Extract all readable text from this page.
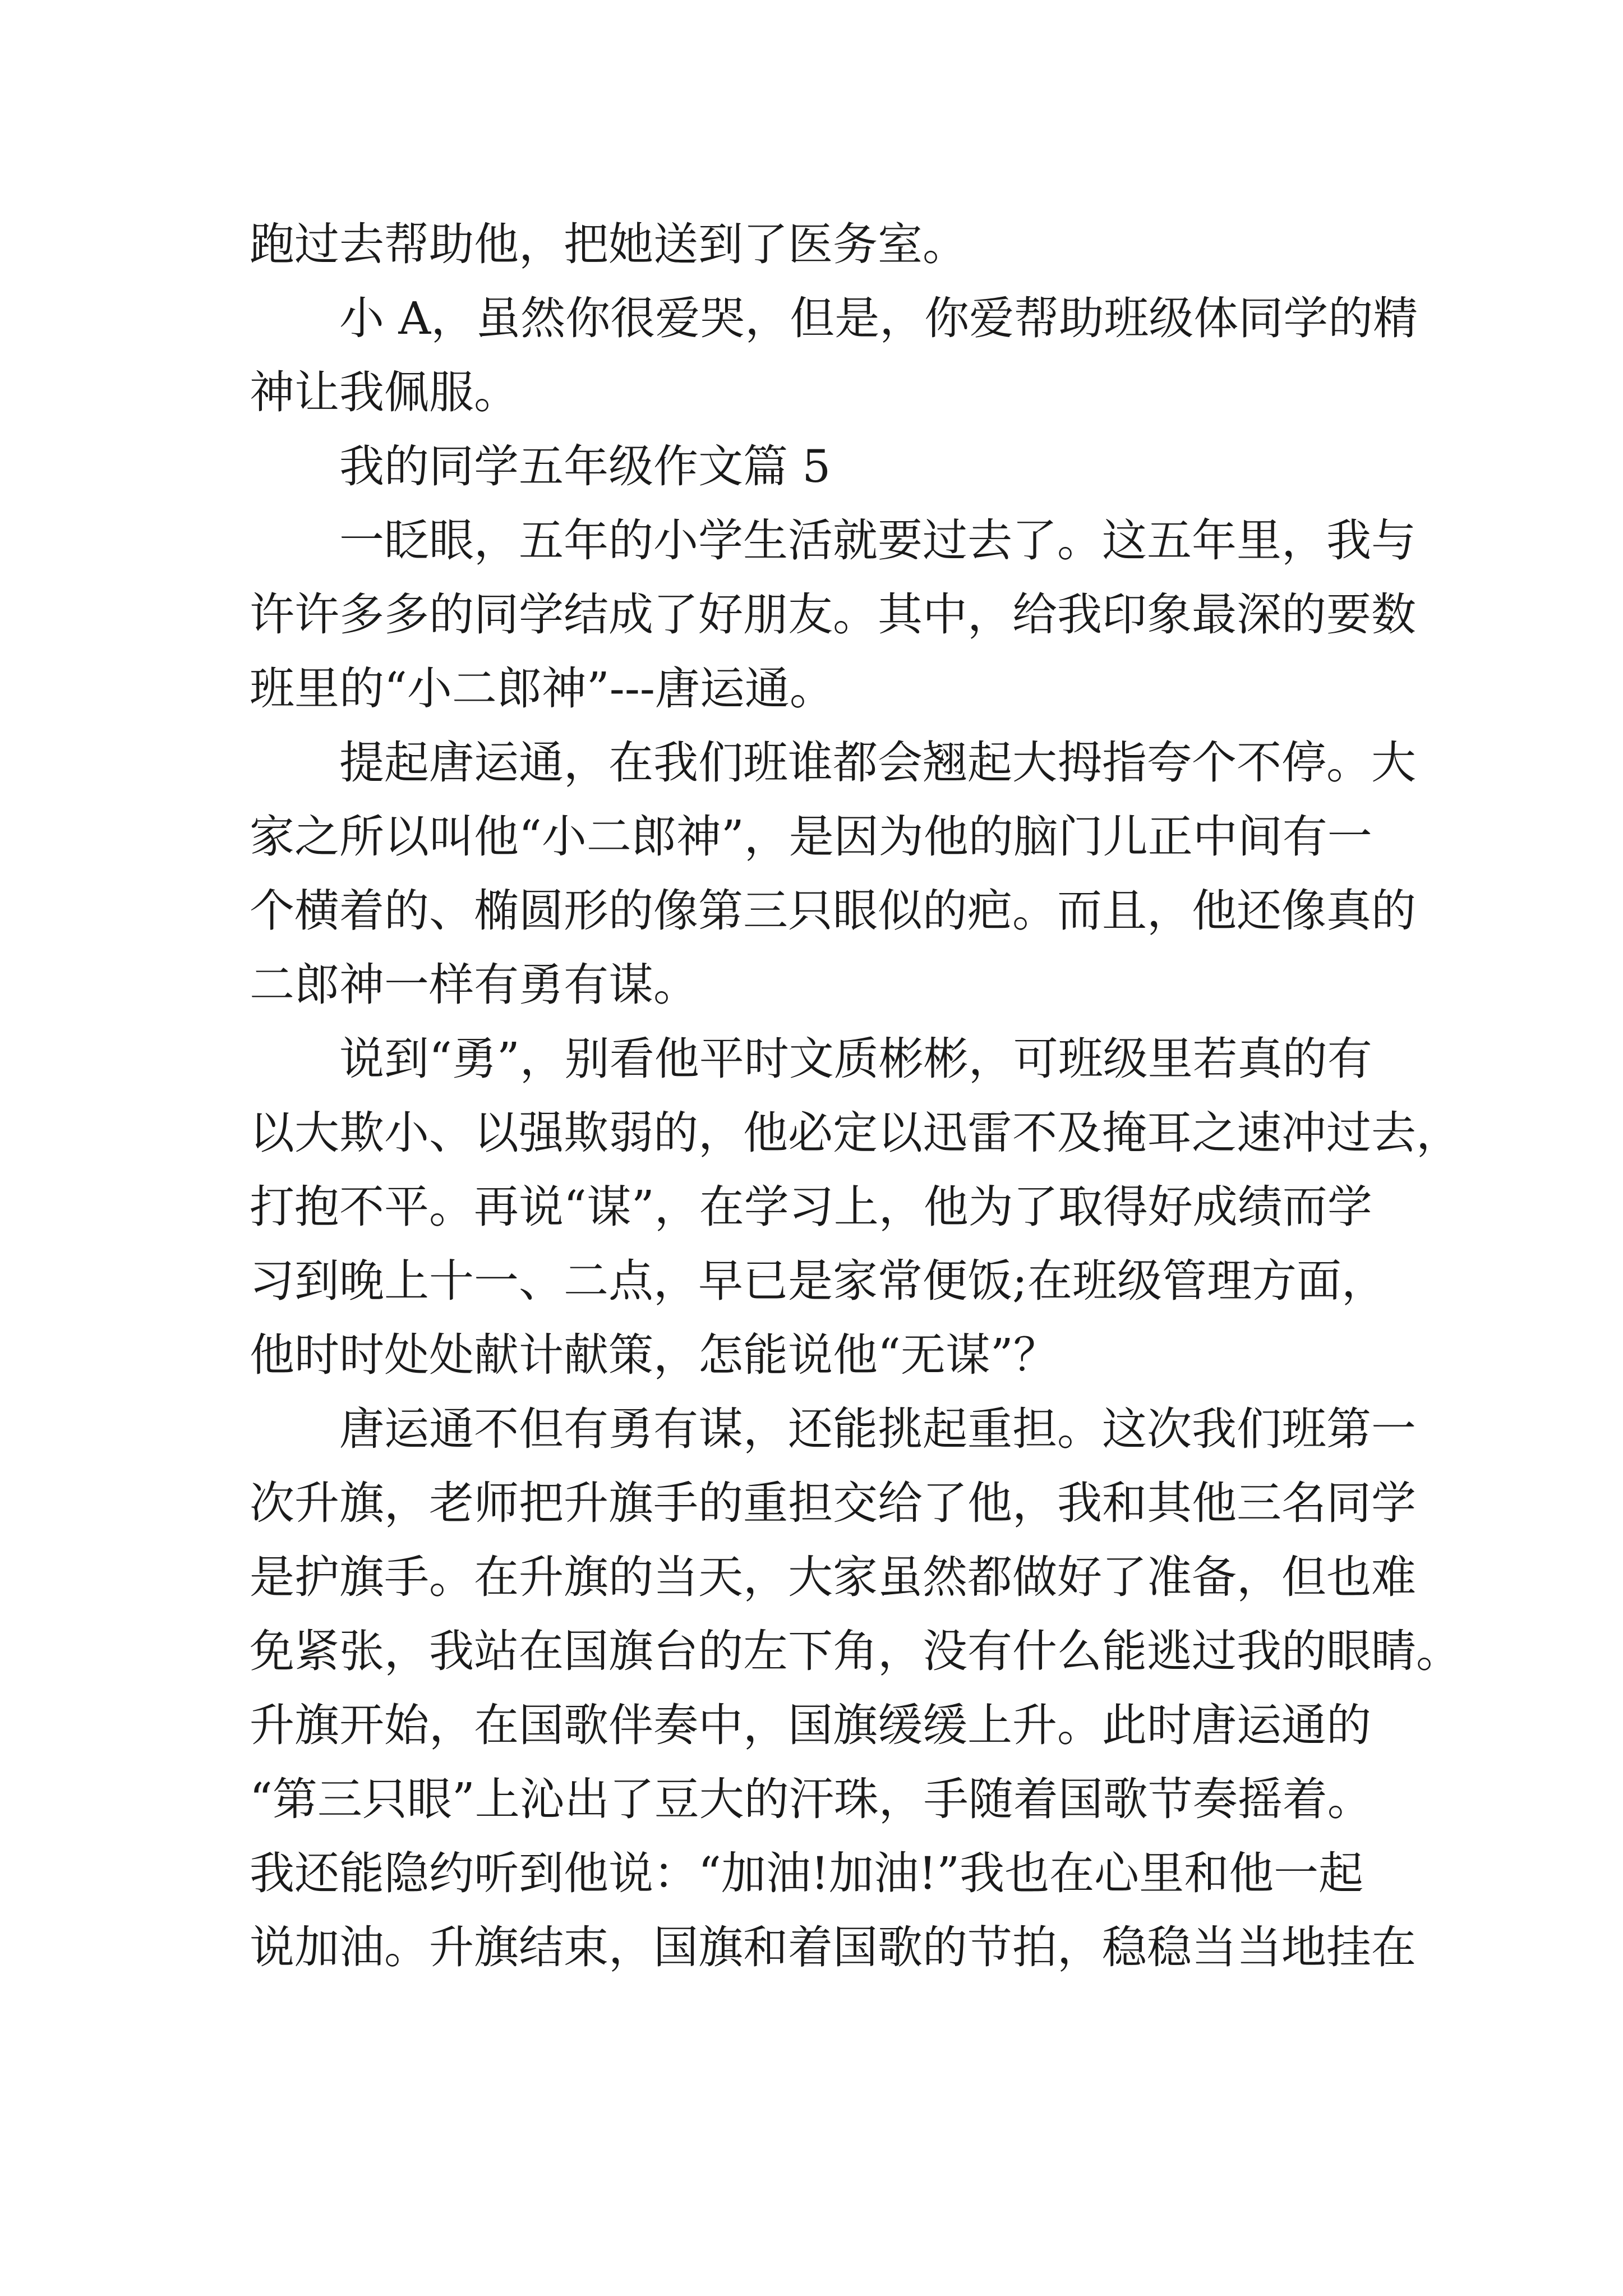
跑过去帮助他，把她送到了医务室。
　　小 A，虽然你很爱哭，但是，你爱帮助班级体同学的精
神让我佩服。
　　我的同学五年级作文篇 5
　　一眨眼，五年的小学生活就要过去了。这五年里，我与
许许多多的同学结成了好朋友。其中，给我印象最深的要数
班里的“小二郎神”---唐运通。
　　提起唐运通，在我们班谁都会翘起大拇指夸个不停。大
家之所以叫他“小二郎神”，是因为他的脑门儿正中间有一
个横着的、椭圆形的像第三只眼似的疤。而且，他还像真的
二郎神一样有勇有谋。
　　说到“勇”，别看他平时文质彬彬，可班级里若真的有
以大欺小、以强欺弱的，他必定以迅雷不及掩耳之速冲过去，
打抱不平。再说“谋”，在学习上，他为了取得好成绩而学
习到晚上十一、二点，早已是家常便饭;在班级管理方面，
他时时处处献计献策，怎能说他“无谋”？
　　唐运通不但有勇有谋，还能挑起重担。这次我们班第一
次升旗，老师把升旗手的重担交给了他，我和其他三名同学
是护旗手。在升旗的当天，大家虽然都做好了准备，但也难
免紧张，我站在国旗台的左下角，没有什么能逃过我的眼睛。
升旗开始，在国歌伴奏中，国旗缓缓上升。此时唐运通的
“第三只眼”上沁出了豆大的汗珠，手随着国歌节奏摇着。
我还能隐约听到他说：“加油!加油!”我也在心里和他一起
说加油。升旗结束，国旗和着国歌的节拍，稳稳当当地挂在
